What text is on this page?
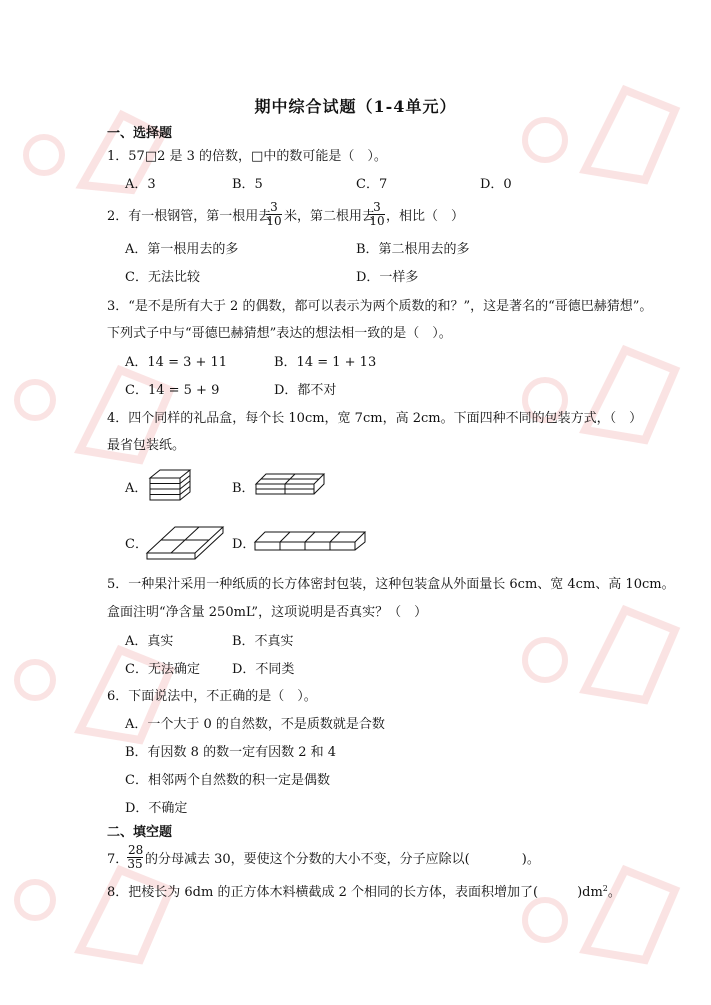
期中综合试题（1-4单元）
一、选择题
1．57□2 是 3 的倍数，□中的数可能是（　）。
A．3	B．5	C．7	D．0
2．有一根钢管，第一根用去
$\frac{3}{10}$ 米，第二根用去
$\frac{3}{10}$ ，相比（　）
A．第一根用去的多	B．第二根用去的多
C．无法比较	D．一样多
3．“是不是所有大于 2 的偶数，都可以表示为两个质数的和？”，这是著名的“哥德巴赫猜想”。
下列式子中与“哥德巴赫猜想”表达的想法相一致的是（　）。
A．14 = 3 + 11	B．14 = 1 + 13
C．14 = 5 + 9	D．都不对
4．四个同样的礼品盒，每个长 10cm，宽 7cm，高 2cm。下面四种不同的包装方式，（　）
最省包装纸。
A．	B．
C．	D．
5．一种果汁采用一种纸质的长方体密封包装，这种包装盒从外面量长 6cm、宽 4cm、高 10cm。
盒面注明“净含量 250mL”，这项说明是否真实？（　）
A．真实	B．不真实
C．无法确定 D．不同类
6．下面说法中，不正确的是（　）。
A．一个大于 0 的自然数，不是质数就是合数
B．有因数 8 的数一定有因数 2 和 4
C．相邻两个自然数的积一定是偶数
D．不确定
二、填空题
7．
$\frac{28}{35}$ 的分母减去 30，要使这个分数的大小不变，分子应除以(　　　　)。
8．把棱长为 6dm 的正方体木料横截成 2 个相同的长方体，表面积增加了(　　　)$dm^2$。
